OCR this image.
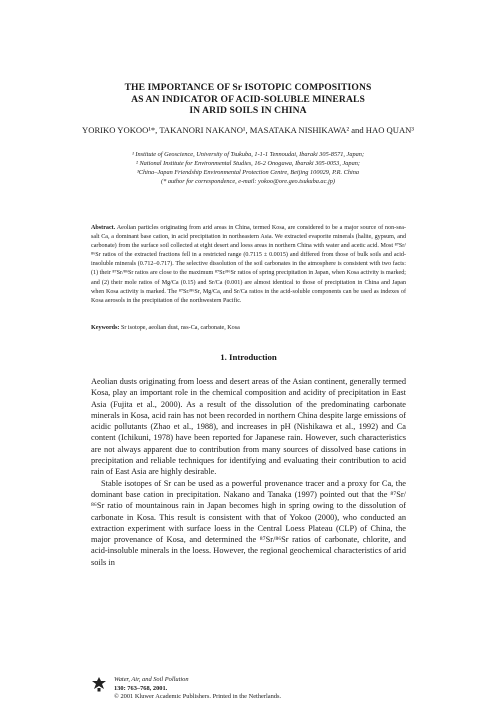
THE IMPORTANCE OF Sr ISOTOPIC COMPOSITIONS
AS AN INDICATOR OF ACID-SOLUBLE MINERALS
IN ARID SOILS IN CHINA
YORIKO YOKOO¹*, TAKANORI NAKANO¹, MASATAKA NISHIKAWA² and HAO QUAN³
¹ Institute of Geoscience, University of Tsukuba, 1-1-1 Tennoudai, Ibaraki 305-8571, Japan;
² National Institute for Environmental Studies, 16-2 Onogawa, Ibaraki 305-0053, Japan;
³China–Japan Friendship Environmental Protection Centre, Beijing 100029, P.R. China
(* author for correspondence, e-mail: yokoo@ore.geo.tsukuba.ac.jp)

Abstract. Aeolian particles originating from arid areas in China, termed Kosa, are considered to be a major source of non-sea-salt Ca, a dominant base cation, in acid precipitation in northeastern Asia. We extracted evaporite minerals (halite, gypsum, and carbonate) from the surface soil collected at eight desert and loess areas in northern China with water and acetic acid. Most ⁸⁷Sr/⁸⁶Sr ratios of the extracted fractions fell in a restricted range (0.7115 ± 0.0015) and differed from those of bulk soils and acid-insoluble minerals (0.712–0.717). The selective dissolution of the soil carbonates in the atmosphere is consistent with two facts: (1) their ⁸⁷Sr/⁸⁶Sr ratios are close to the maximum ⁸⁷Sr/⁸⁶Sr ratios of spring precipitation in Japan, when Kosa activity is marked; and (2) their mole ratios of Mg/Ca (0.15) and Sr/Ca (0.001) are almost identical to those of precipitation in China and Japan when Kosa activity is marked. The ⁸⁷Sr/⁸⁶Sr, Mg/Ca, and Sr/Ca ratios in the acid-soluble components can be used as indexes of Kosa aerosols in the precipitation of the northwestern Pacific.

Keywords: Sr isotope, aeolian dust, nss-Ca, carbonate, Kosa

1. Introduction

Aeolian dusts originating from loess and desert areas of the Asian continent, generally termed Kosa, play an important role in the chemical composition and acidity of precipitation in East Asia (Fujita et al., 2000). As a result of the dissolution of the predominating carbonate minerals in Kosa, acid rain has not been recorded in northern China despite large emissions of acidic pollutants (Zhao et al., 1988), and increases in pH (Nishikawa et al., 1992) and Ca content (Ichikuni, 1978) have been reported for Japanese rain. However, such characteristics are not always apparent due to contribution from many sources of dissolved base cations in precipitation and reliable techniques for identifying and evaluating their contribution to acid rain of East Asia are highly desirable.

Stable isotopes of Sr can be used as a powerful provenance tracer and a proxy for Ca, the dominant base cation in precipitation. Nakano and Tanaka (1997) pointed out that the ⁸⁷Sr/⁸⁶Sr ratio of mountainous rain in Japan becomes high in spring owing to the dissolution of carbonate in Kosa. This result is consistent with that of Yokoo (2000), who conducted an extraction experiment with surface loess in the Central Loess Plateau (CLP) of China, the major provenance of Kosa, and determined the ⁸⁷Sr/⁸⁶Sr ratios of carbonate, chlorite, and acid-insoluble minerals in the loess. However, the regional geochemical characteristics of arid soils in

Water, Air, and Soil Pollution
130: 763–768, 2001.
© 2001 Kluwer Academic Publishers. Printed in the Netherlands.
